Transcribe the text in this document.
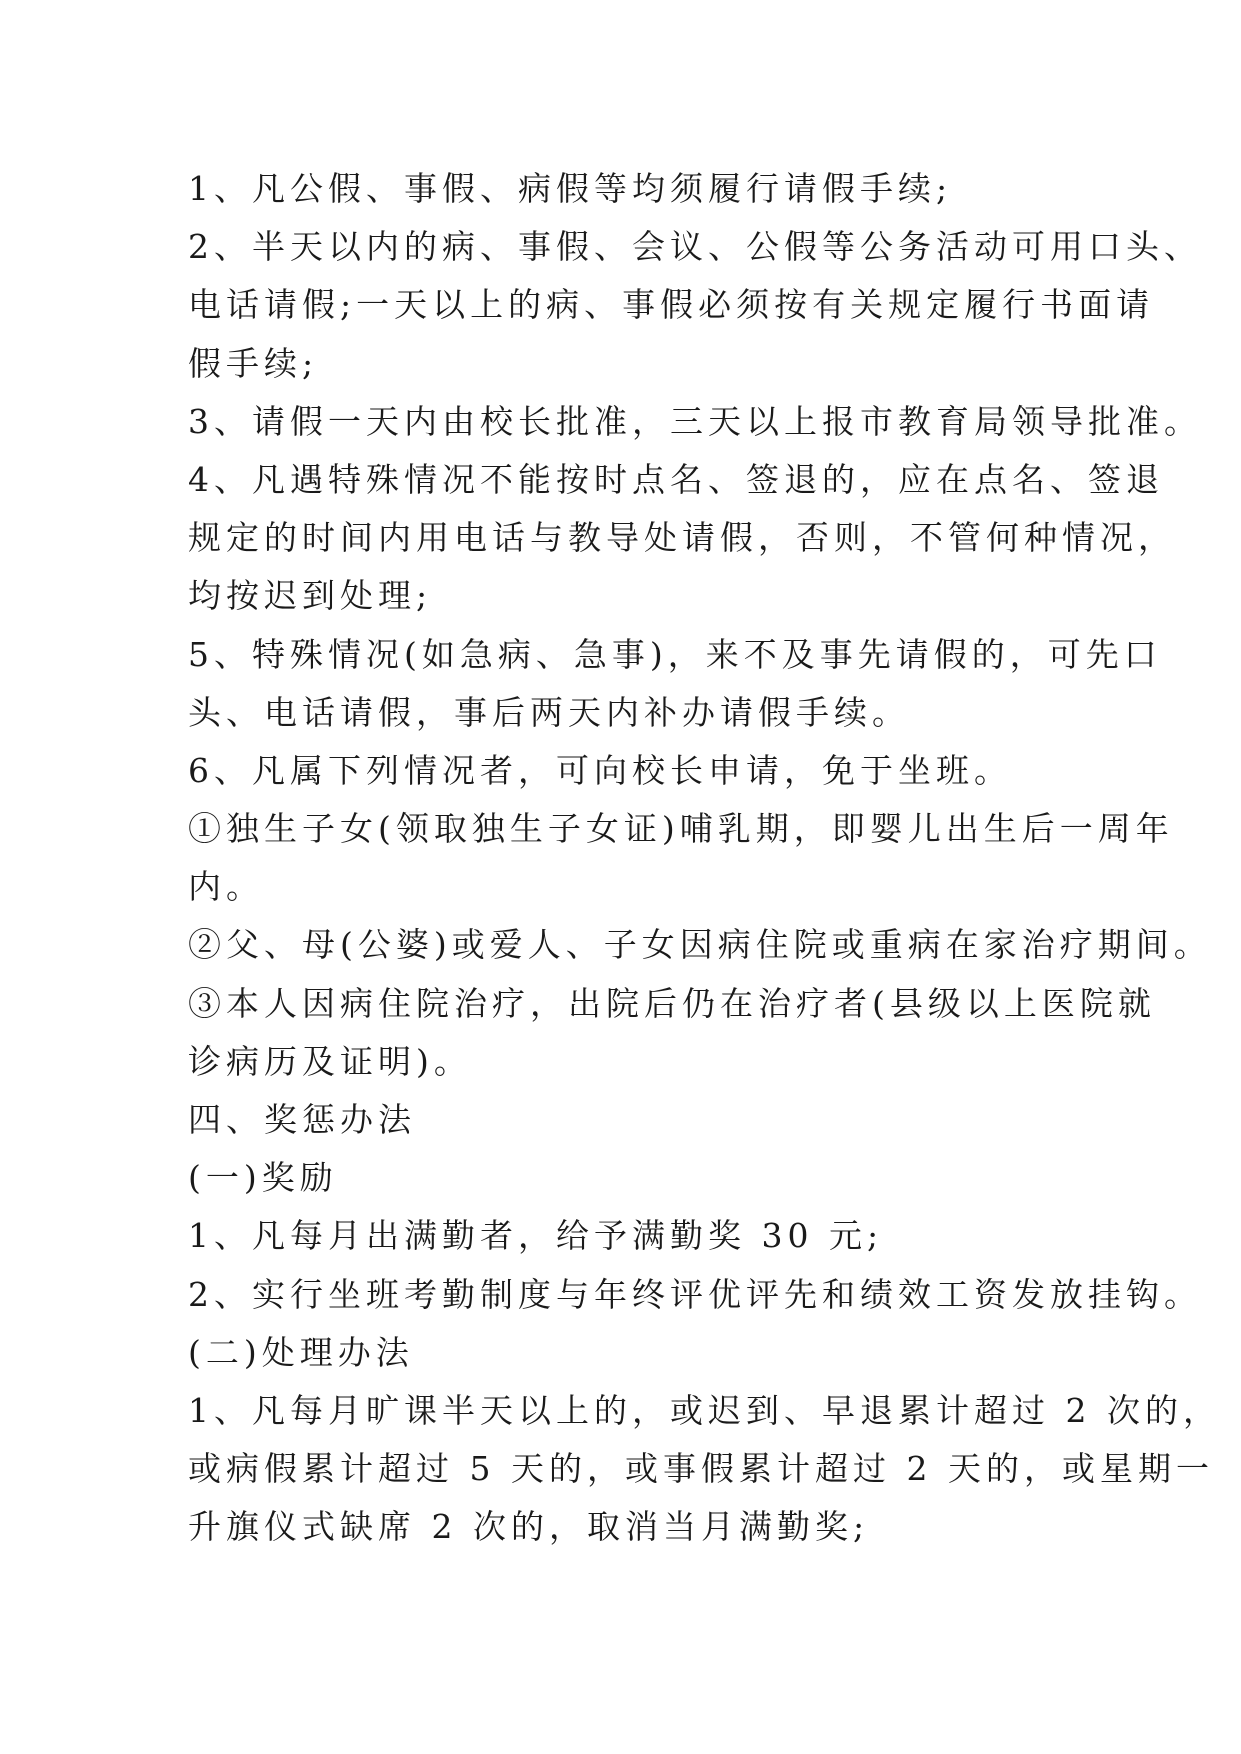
1、凡公假、事假、病假等均须履行请假手续;
2、半天以内的病、事假、会议、公假等公务活动可用口头、
电话请假;一天以上的病、事假必须按有关规定履行书面请
假手续;
3、请假一天内由校长批准，三天以上报市教育局领导批准。
4、凡遇特殊情况不能按时点名、签退的，应在点名、签退
规定的时间内用电话与教导处请假，否则，不管何种情况，
均按迟到处理;
5、特殊情况(如急病、急事)，来不及事先请假的，可先口
头、电话请假，事后两天内补办请假手续。
6、凡属下列情况者，可向校长申请，免于坐班。
①独生子女(领取独生子女证)哺乳期，即婴儿出生后一周年
内。
②父、母(公婆)或爱人、子女因病住院或重病在家治疗期间。
③本人因病住院治疗，出院后仍在治疗者(县级以上医院就
诊病历及证明)。
四、奖惩办法
(一)奖励
1、凡每月出满勤者，给予满勤奖 30 元;
2、实行坐班考勤制度与年终评优评先和绩效工资发放挂钩。
(二)处理办法
1、凡每月旷课半天以上的，或迟到、早退累计超过 2 次的，
或病假累计超过 5 天的，或事假累计超过 2 天的，或星期一
升旗仪式缺席 2 次的，取消当月满勤奖;
